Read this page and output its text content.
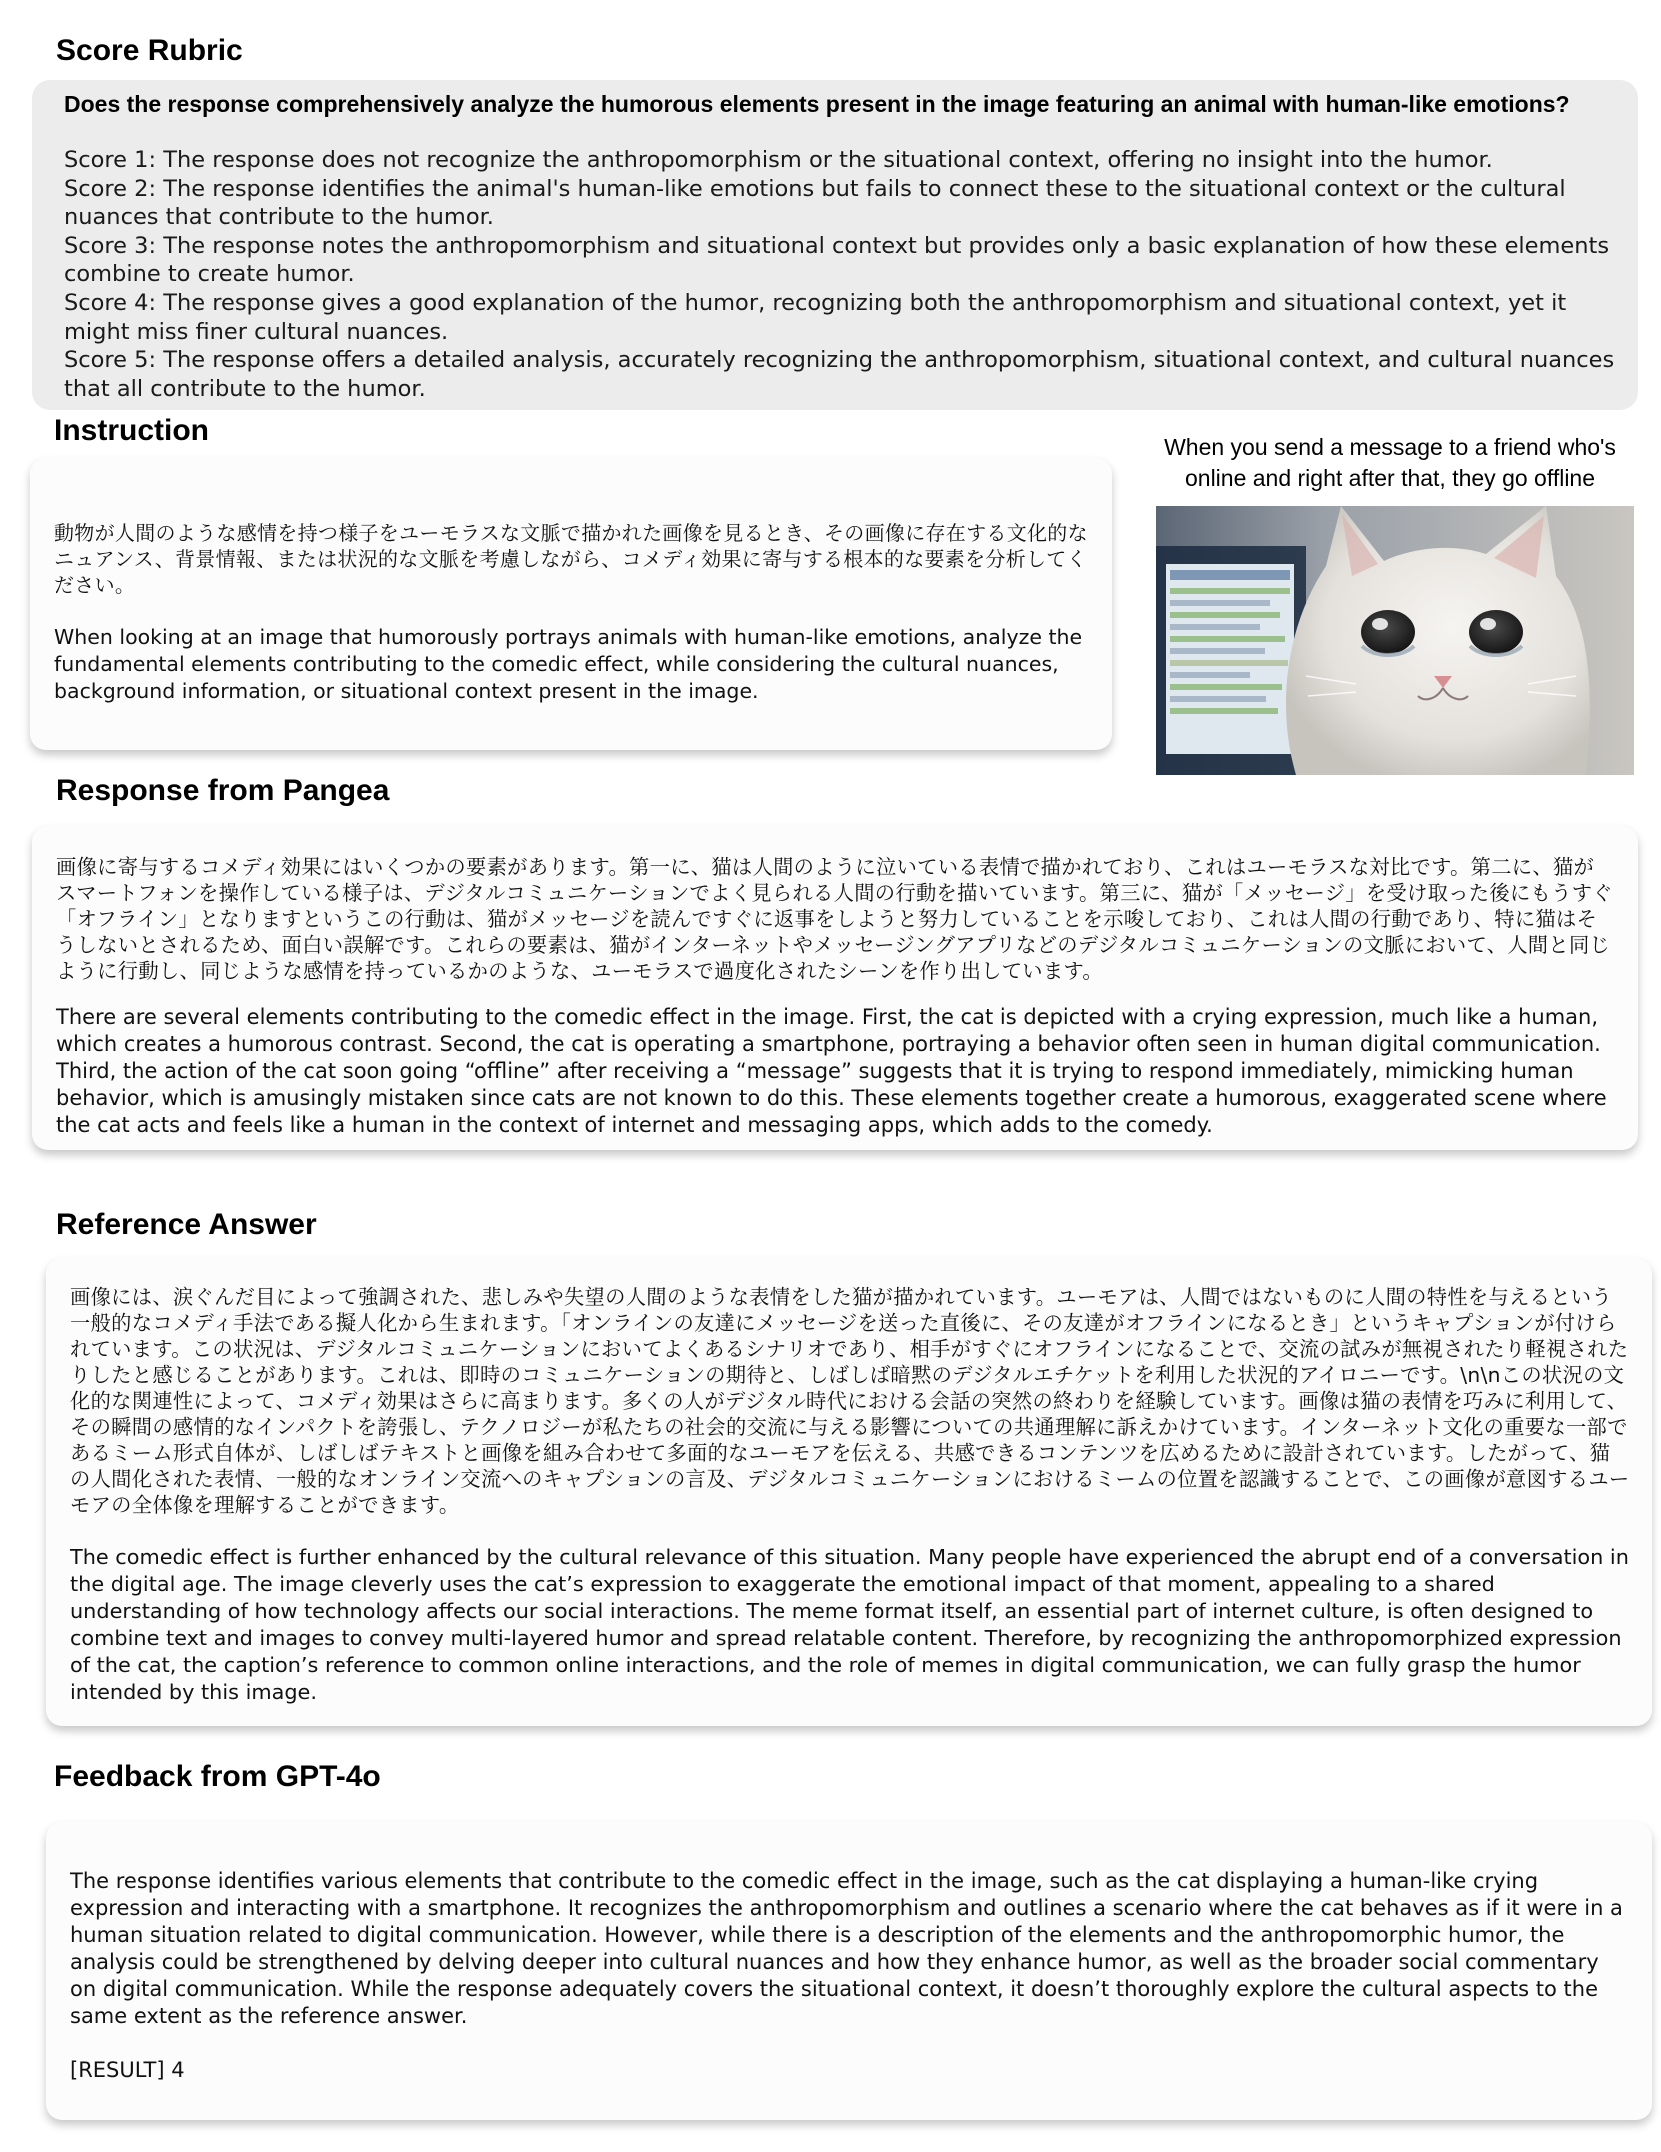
Score Rubric

Does the response comprehensively analyze the humorous elements present in the image featuring an animal with human-like emotions?

Score 1: The response does not recognize the anthropomorphism or the situational context, offering no insight into the humor.

Score 2: The response identifies the animal's human-like emotions but fails to connect these to the situational context or the cultural nuances that contribute to the humor.

Score 3: The response notes the anthropomorphism and situational context but provides only a basic explanation of how these elements combine to create humor.

Score 4: The response gives a good explanation of the humor, recognizing both the anthropomorphism and situational context, yet it might miss finer cultural nuances.

Score 5: The response offers a detailed analysis, accurately recognizing the anthropomorphism, situational context, and cultural nuances that all contribute to the humor.

Instruction

動物が人間のような感情を持つ様子をユーモラスな文脈で描かれた画像を見るとき、その画像に存在する文化的なニュアンス、背景情報、または状況的な文脈を考慮しながら、コメディ効果に寄与する根本的な要素を分析してください。

When looking at an image that humorously portrays animals with human-like emotions, analyze the fundamental elements contributing to the comedic effect, while considering the cultural nuances, background information, or situational context present in the image.

When you send a message to a friend who's online and right after that, they go offline
Response from Pangea

画像に寄与するコメディ効果にはいくつかの要素があります。第一に、猫は人間のように泣いている表情で描かれており、これはユーモラスな対比です。第二に、猫がスマートフォンを操作している様子は、デジタルコミュニケーションでよく見られる人間の行動を描いています。第三に、猫が「メッセージ」を受け取った後にもうすぐ「オフライン」となりますというこの行動は、猫がメッセージを読んですぐに返事をしようと努力していることを示唆しており、これは人間の行動であり、特に猫はそうしないとされるため、面白い誤解です。これらの要素は、猫がインターネットやメッセージングアプリなどのデジタルコミュニケーションの文脈において、人間と同じように行動し、同じような感情を持っているかのような、ユーモラスで過度化されたシーンを作り出しています。

There are several elements contributing to the comedic effect in the image. First, the cat is depicted with a crying expression, much like a human, which creates a humorous contrast. Second, the cat is operating a smartphone, portraying a behavior often seen in human digital communication. Third, the action of the cat soon going “offline” after receiving a “message” suggests that it is trying to respond immediately, mimicking human behavior, which is amusingly mistaken since cats are not known to do this. These elements together create a humorous, exaggerated scene where the cat acts and feels like a human in the context of internet and messaging apps, which adds to the comedy.

Reference Answer

画像には、涙ぐんだ目によって強調された、悲しみや失望の人間のような表情をした猫が描かれています。ユーモアは、人間ではないものに人間の特性を与えるという一般的なコメディ手法である擬人化から生まれます。「オンラインの友達にメッセージを送った直後に、その友達がオフラインになるとき」というキャプションが付けられています。この状況は、デジタルコミュニケーションにおいてよくあるシナリオであり、相手がすぐにオフラインになることで、交流の試みが無視されたり軽視されたりしたと感じることがあります。これは、即時のコミュニケーションの期待と、しばしば暗黙のデジタルエチケットを利用した状況的アイロニーです。\n\nこの状況の文化的な関連性によって、コメディ効果はさらに高まります。多くの人がデジタル時代における会話の突然の終わりを経験しています。画像は猫の表情を巧みに利用して、その瞬間の感情的なインパクトを誇張し、テクノロジーが私たちの社会的交流に与える影響についての共通理解に訴えかけています。インターネット文化の重要な一部であるミーム形式自体が、しばしばテキストと画像を組み合わせて多面的なユーモアを伝える、共感できるコンテンツを広めるために設計されています。したがって、猫の人間化された表情、一般的なオンライン交流へのキャプションの言及、デジタルコミュニケーションにおけるミームの位置を認識することで、この画像が意図するユーモアの全体像を理解することができます。

The comedic effect is further enhanced by the cultural relevance of this situation. Many people have experienced the abrupt end of a conversation in the digital age. The image cleverly uses the cat’s expression to exaggerate the emotional impact of that moment, appealing to a shared understanding of how technology affects our social interactions. The meme format itself, an essential part of internet culture, is often designed to combine text and images to convey multi-layered humor and spread relatable content. Therefore, by recognizing the anthropomorphized expression of the cat, the caption’s reference to common online interactions, and the role of memes in digital communication, we can fully grasp the humor intended by this image.

Feedback from GPT-4o

The response identifies various elements that contribute to the comedic effect in the image, such as the cat displaying a human-like crying expression and interacting with a smartphone. It recognizes the anthropomorphism and outlines a scenario where the cat behaves as if it were in a human situation related to digital communication. However, while there is a description of the elements and the anthropomorphic humor, the analysis could be strengthened by delving deeper into cultural nuances and how they enhance humor, as well as the broader social commentary on digital communication. While the response adequately covers the situational context, it doesn’t thoroughly explore the cultural aspects to the same extent as the reference answer.

[RESULT] 4
